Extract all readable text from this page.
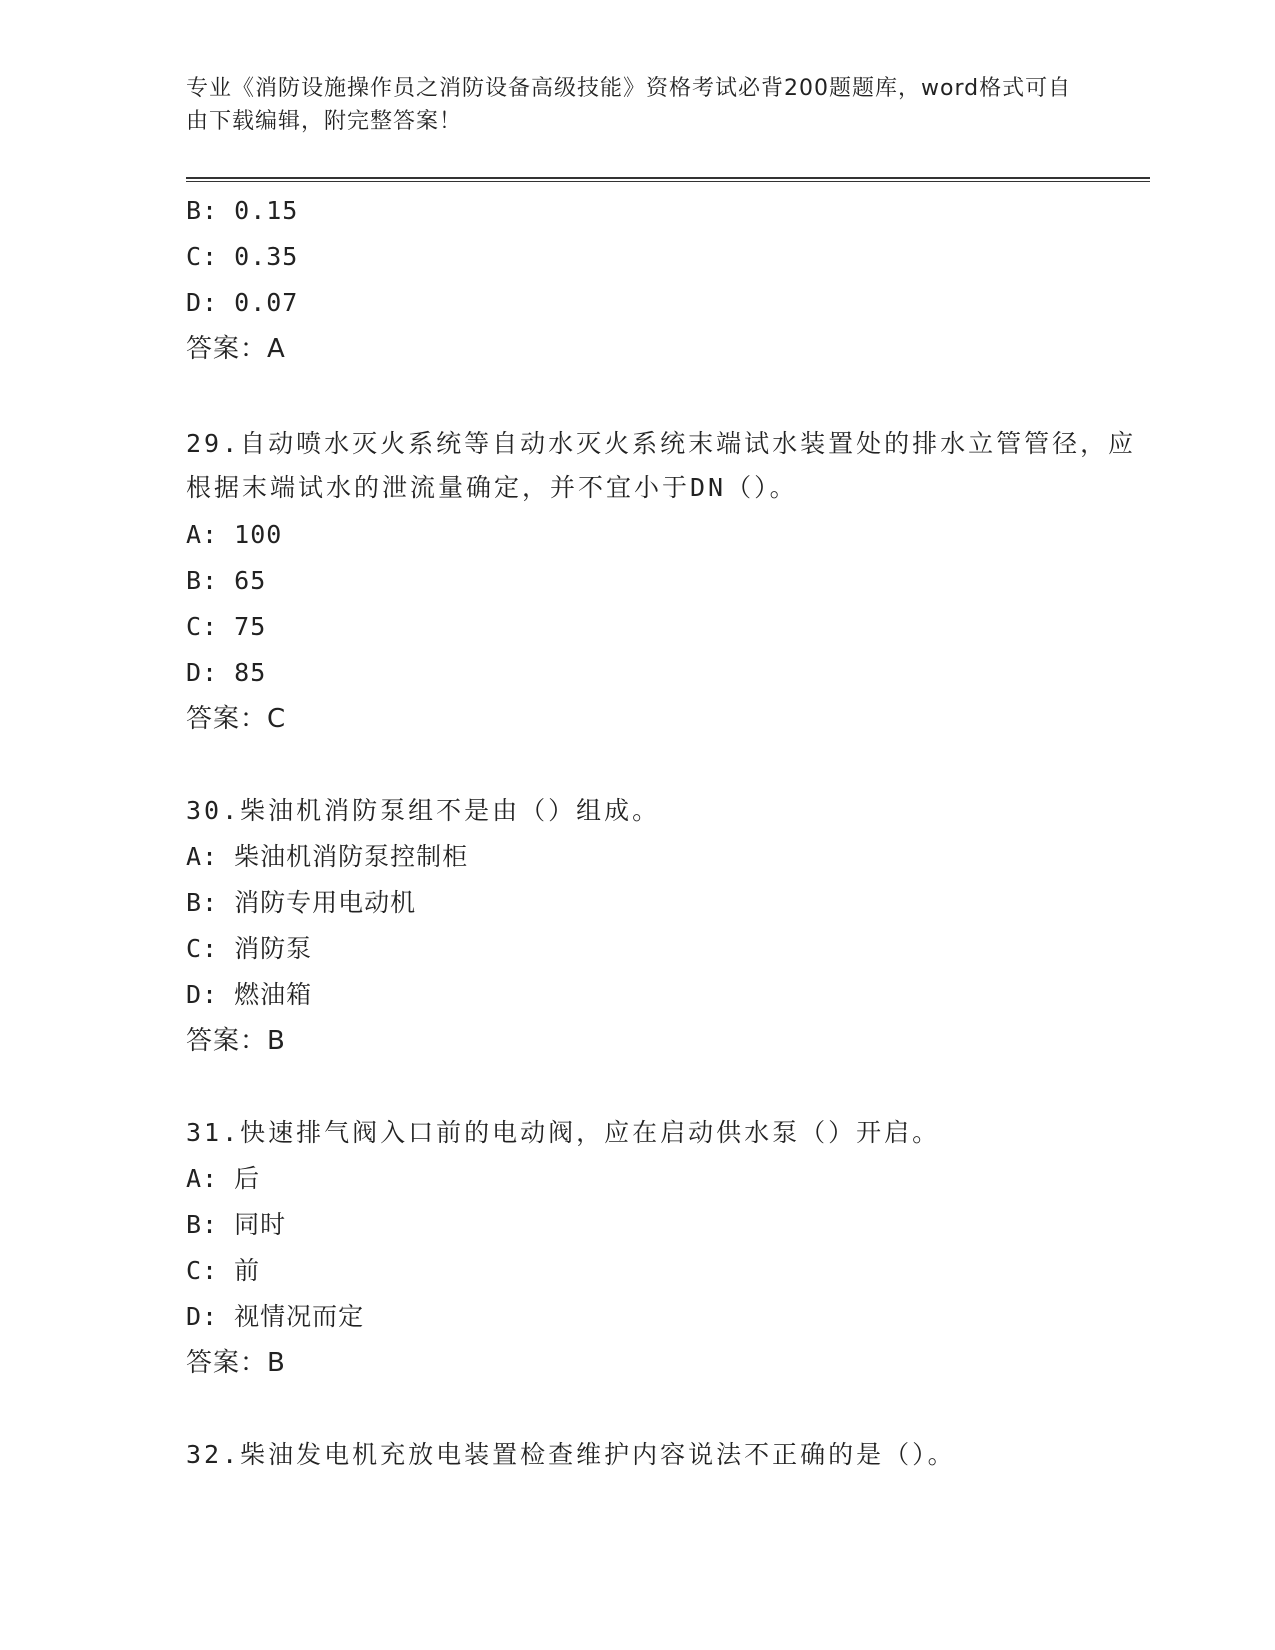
专业《消防设施操作员之消防设备高级技能》资格考试必背200题题库，word格式可自由下载编辑，附完整答案！
B: 0.15
C: 0.35
D: 0.07
答案：A
29.自动喷水灭火系统等自动水灭火系统末端试水装置处的排水立管管径，应根据末端试水的泄流量确定，并不宜小于DN（）。
A: 100
B: 65
C: 75
D: 85
答案：C
30.柴油机消防泵组不是由（）组成。
A: 柴油机消防泵控制柜
B: 消防专用电动机
C: 消防泵
D: 燃油箱
答案：B
31.快速排气阀入口前的电动阀，应在启动供水泵（）开启。
A: 后
B: 同时
C: 前
D: 视情况而定
答案：B
32.柴油发电机充放电装置检查维护内容说法不正确的是（）。
